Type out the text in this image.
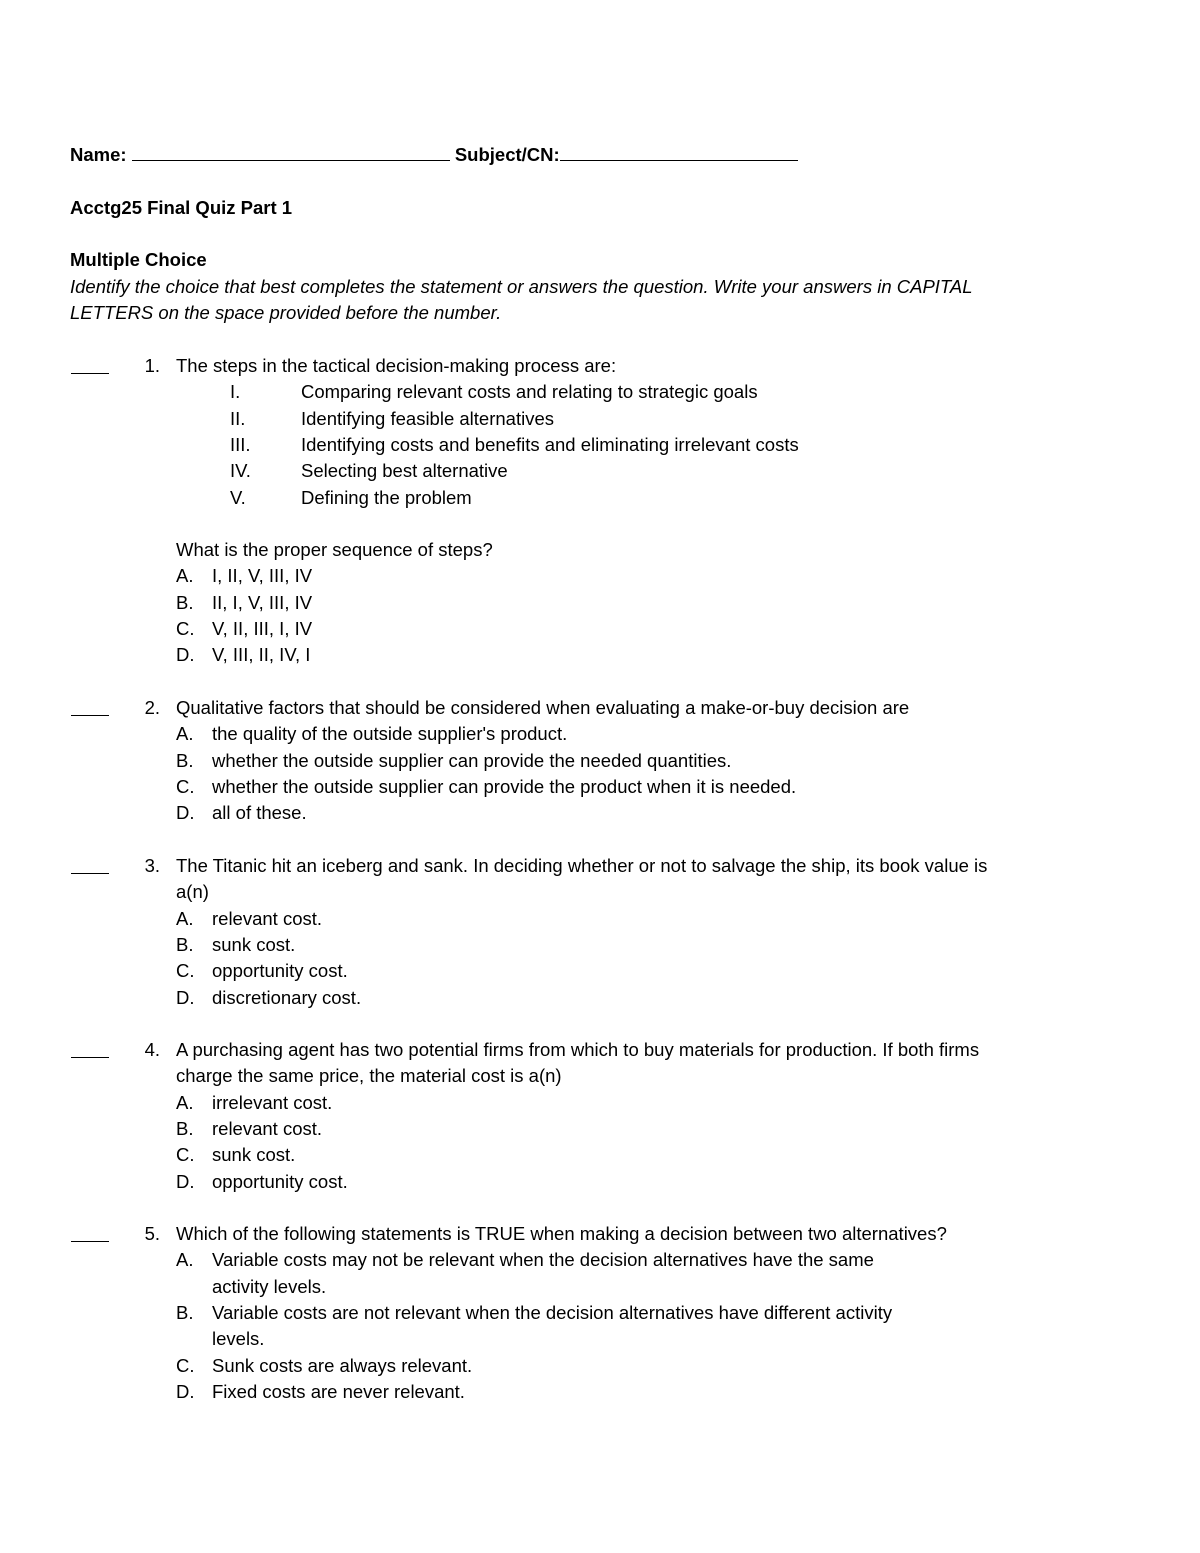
Name:	Subject/CN:
Acctg25 Final Quiz Part 1
Multiple Choice
Identify the choice that best completes the statement or answers the question. Write your answers in CAPITAL
LETTERS on the space provided before the number.
1. The steps in the tactical decision-making process are:
I.	Comparing relevant costs and relating to strategic goals
II.	Identifying feasible alternatives
III.	Identifying costs and benefits and eliminating irrelevant costs
IV.	Selecting best alternative
V.	Defining the problem
What is the proper sequence of steps?
A. I, II, V, III, IV
B. II, I, V, III, IV
C. V, II, III, I, IV
D. V, III, II, IV, I
2. Qualitative factors that should be considered when evaluating a make-or-buy decision are
A. the quality of the outside supplier's product.
B. whether the outside supplier can provide the needed quantities.
C. whether the outside supplier can provide the product when it is needed.
D. all of these.
3. The Titanic hit an iceberg and sank. In deciding whether or not to salvage the ship, its book value is
a(n)
A. relevant cost.
B. sunk cost.
C. opportunity cost.
D. discretionary cost.
4. A purchasing agent has two potential firms from which to buy materials for production. If both firms
charge the same price, the material cost is a(n)
A. irrelevant cost.
B. relevant cost.
C. sunk cost.
D. opportunity cost.
5. Which of the following statements is TRUE when making a decision between two alternatives?
A. Variable costs may not be relevant when the decision alternatives have the same
activity levels.
B. Variable costs are not relevant when the decision alternatives have different activity
levels.
C. Sunk costs are always relevant.
D. Fixed costs are never relevant.
